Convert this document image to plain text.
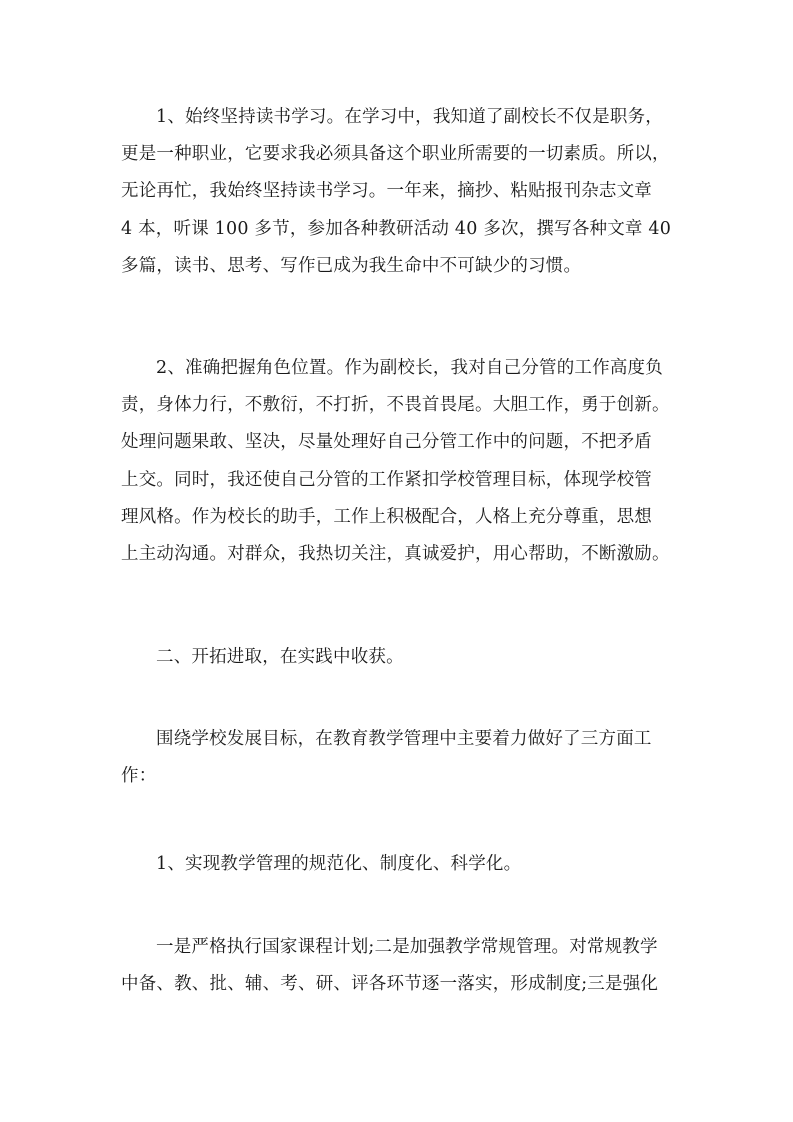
1、始终坚持读书学习。在学习中，我知道了副校长不仅是职务，
更是一种职业，它要求我必须具备这个职业所需要的一切素质。所以，
无论再忙，我始终坚持读书学习。一年来，摘抄、粘贴报刊杂志文章
4 本，听课 100 多节，参加各种教研活动 40 多次，撰写各种文章 40
多篇，读书、思考、写作已成为我生命中不可缺少的习惯。
2、准确把握角色位置。作为副校长，我对自己分管的工作高度负
责，身体力行，不敷衍，不打折，不畏首畏尾。大胆工作，勇于创新。
处理问题果敢、坚决，尽量处理好自己分管工作中的问题，不把矛盾
上交。同时，我还使自己分管的工作紧扣学校管理目标，体现学校管
理风格。作为校长的助手，工作上积极配合，人格上充分尊重，思想
上主动沟通。对群众，我热切关注，真诚爱护，用心帮助，不断激励。
二、开拓进取，在实践中收获。
围绕学校发展目标，在教育教学管理中主要着力做好了三方面工
作：
1、实现教学管理的规范化、制度化、科学化。
一是严格执行国家课程计划;二是加强教学常规管理。对常规教学
中备、教、批、辅、考、研、评各环节逐一落实，形成制度;三是强化
